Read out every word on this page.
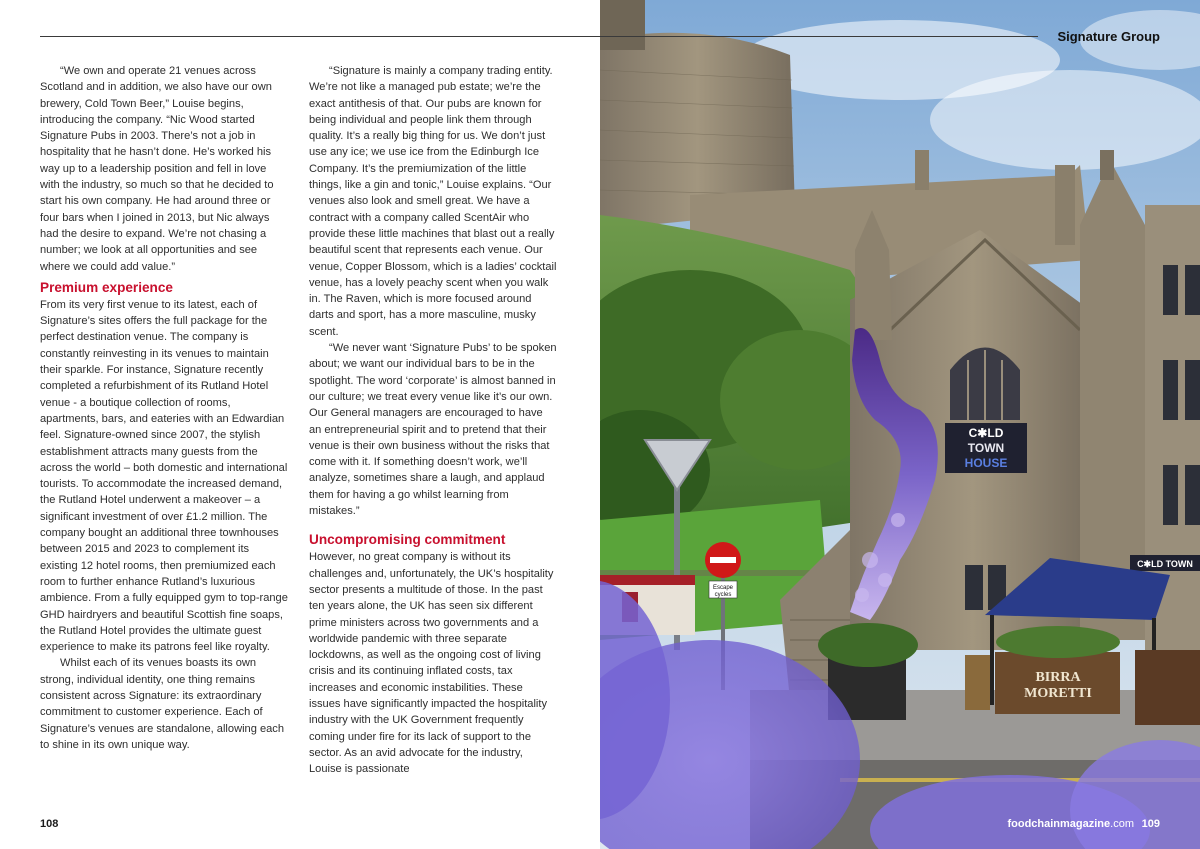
“We own and operate 21 venues across Scotland and in addition, we also have our own brewery, Cold Town Beer,” Louise begins, introducing the company. “Nic Wood started Signature Pubs in 2003. There’s not a job in hospitality that he hasn’t done. He’s worked his way up to a leadership position and fell in love with the industry, so much so that he decided to start his own company. He had around three or four bars when I joined in 2013, but Nic always had the desire to expand. We’re not chasing a number; we look at all opportunities and see where we could add value.”

Premium experience

From its very first venue to its latest, each of Signature’s sites offers the full package for the perfect destination venue. The company is constantly reinvesting in its venues to maintain their sparkle. For instance, Signature recently completed a refurbishment of its Rutland Hotel venue - a boutique collection of rooms, apartments, bars, and eateries with an Edwardian feel. Signature-owned since 2007, the stylish establishment attracts many guests from the across the world – both domestic and international tourists. To accommodate the increased demand, the Rutland Hotel underwent a makeover – a significant investment of over £1.2 million. The company bought an additional three townhouses between 2015 and 2023 to complement its existing 12 hotel rooms, then premiumized each room to further enhance Rutland’s luxurious ambience. From a fully equipped gym to top-range GHD hairdryers and beautiful Scottish fine soaps, the Rutland Hotel provides the ultimate guest experience to make its patrons feel like royalty.

Whilst each of its venues boasts its own strong, individual identity, one thing remains consistent across Signature: its extraordinary commitment to customer experience. Each of Signature’s venues are standalone, allowing each to shine in its own unique way.

“Signature is mainly a company trading entity. We’re not like a managed pub estate; we’re the exact antithesis of that. Our pubs are known for being individual and people link them through quality. It’s a really big thing for us. We don’t just use any ice; we use ice from the Edinburgh Ice Company. It’s the premiumization of the little things, like a gin and tonic,” Louise explains. “Our venues also look and smell great. We have a contract with a company called ScentAir who provide these little machines that blast out a really beautiful scent that represents each venue. Our venue, Copper Blossom, which is a ladies’ cocktail venue, has a lovely peachy scent when you walk in. The Raven, which is more focused around darts and sport, has a more masculine, musky scent.

“We never want ‘Signature Pubs’ to be spoken about; we want our individual bars to be in the spotlight. The word ‘corporate’ is almost banned in our culture; we treat every venue like it’s our own. Our General managers are encouraged to have an entrepreneurial spirit and to pretend that their venue is their own business without the risks that come with it. If something doesn’t work, we’ll analyze, sometimes share a laugh, and applaud them for having a go whilst learning from mistakes.”

Uncompromising commitment

However, no great company is without its challenges and, unfortunately, the UK’s hospitality sector presents a multitude of those. In the past ten years alone, the UK has seen six different prime ministers across two governments and a worldwide pandemic with three separate lockdowns, as well as the ongoing cost of living crisis and its continuing inflated costs, tax increases and economic instabilities. These issues have significantly impacted the hospitality industry with the UK Government frequently coming under fire for its lack of support to the sector. As an avid advocate for the industry, Louise is passionate

108
C✱LD
TOWN
HOUSE
C✱LD TOWN
Escape
cycles
BIRRA
MORETTI
foodchainmagazine.com 109
Signature Group
